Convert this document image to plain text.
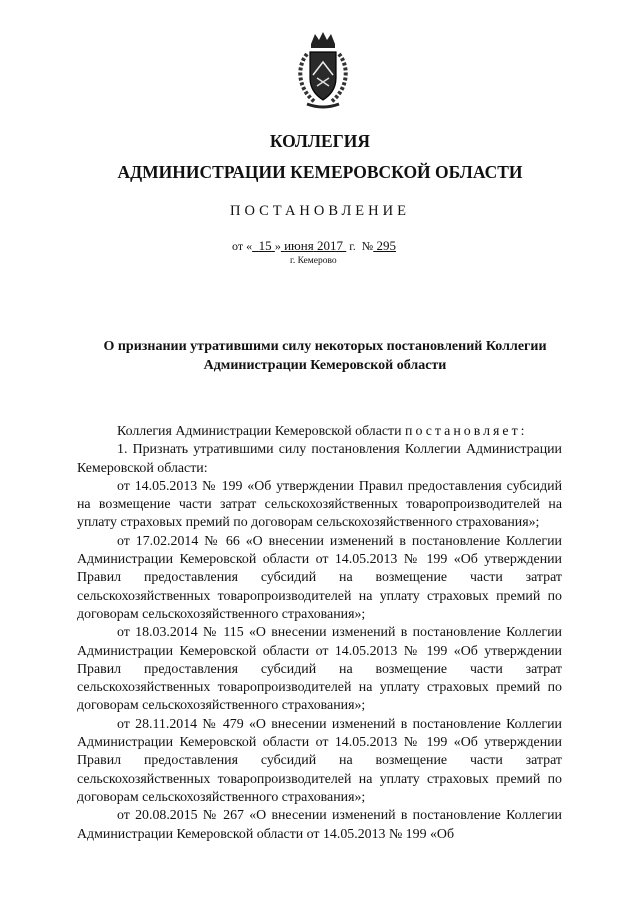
КОЛЛЕГИЯ
АДМИНИСТРАЦИИ КЕМЕРОВСКОЙ ОБЛАСТИ
ПОСТАНОВЛЕНИЕ
от « 15 » июня 2017 г. № 295
г. Кемерово
О признании утратившими силу некоторых постановлений Коллегии
Администрации Кемеровской области

Коллегия Администрации Кемеровской области постановляет:

1. Признать утратившими силу постановления Коллегии Администрации Кемеровской области:

от 14.05.2013 № 199 «Об утверждении Правил предоставления субсидий на возмещение части затрат сельскохозяйственных товаропроизводителей на уплату страховых премий по договорам сельскохозяйственного страхования»;

от 17.02.2014 № 66 «О внесении изменений в постановление Коллегии Администрации Кемеровской области от 14.05.2013 № 199 «Об утверждении Правил предоставления субсидий на возмещение части затрат сельскохозяйственных товаропроизводителей на уплату страховых премий по договорам сельскохозяйственного страхования»;

от 18.03.2014 № 115 «О внесении изменений в постановление Коллегии Администрации Кемеровской области от 14.05.2013 № 199 «Об утверждении Правил предоставления субсидий на возмещение части затрат сельскохозяйственных товаропроизводителей на уплату страховых премий по договорам сельскохозяйственного страхования»;

от 28.11.2014 № 479 «О внесении изменений в постановление Коллегии Администрации Кемеровской области от 14.05.2013 № 199 «Об утверждении Правил предоставления субсидий на возмещение части затрат сельскохозяйственных товаропроизводителей на уплату страховых премий по договорам сельскохозяйственного страхования»;

от 20.08.2015 № 267 «О внесении изменений в постановление Коллегии Администрации Кемеровской области от 14.05.2013 № 199 «Об
